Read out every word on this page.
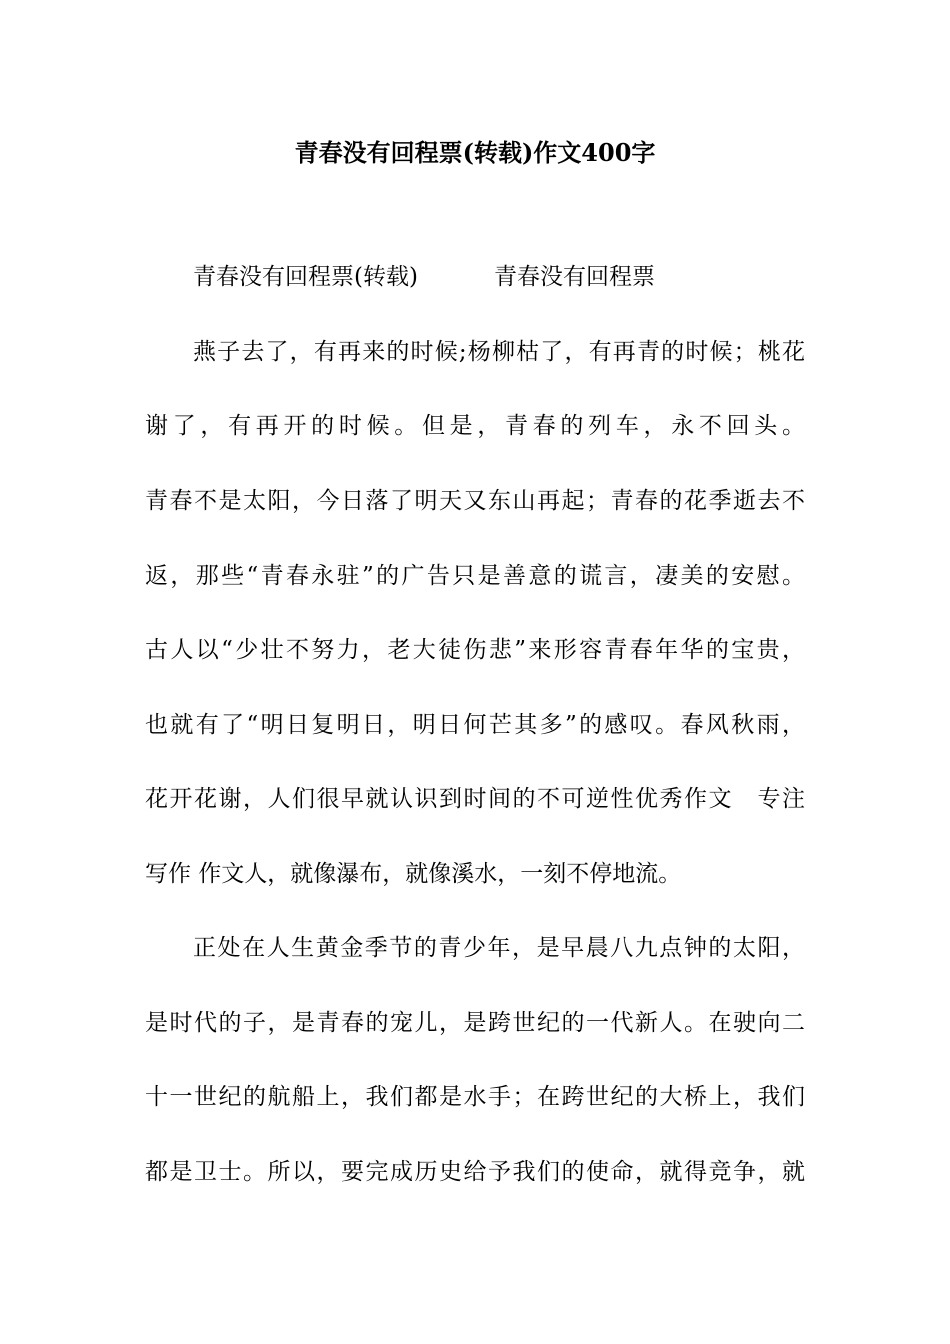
青春没有回程票(转载)作文400字
青春没有回程票(转载)	青春没有回程票
燕子去了，有再来的时候;杨柳枯了，有再青的时候；桃花
谢了，有再开的时候。但是，青春的列车，永不回头。
青春不是太阳，今日落了明天又东山再起；青春的花季逝去不
返，那些“青春永驻”的广告只是善意的谎言，凄美的安慰。
古人以“少壮不努力，老大徒伤悲”来形容青春年华的宝贵，
也就有了“明日复明日，明日何芒其多”的感叹。春风秋雨，
花开花谢，人们很早就认识到时间的不可逆性优秀作文　专注
写作 作文人，就像瀑布，就像溪水，一刻不停地流。
正处在人生黄金季节的青少年，是早晨八九点钟的太阳，
是时代的子，是青春的宠儿，是跨世纪的一代新人。在驶向二
十一世纪的航船上，我们都是水手；在跨世纪的大桥上，我们
都是卫士。所以，要完成历史给予我们的使命，就得竞争，就
